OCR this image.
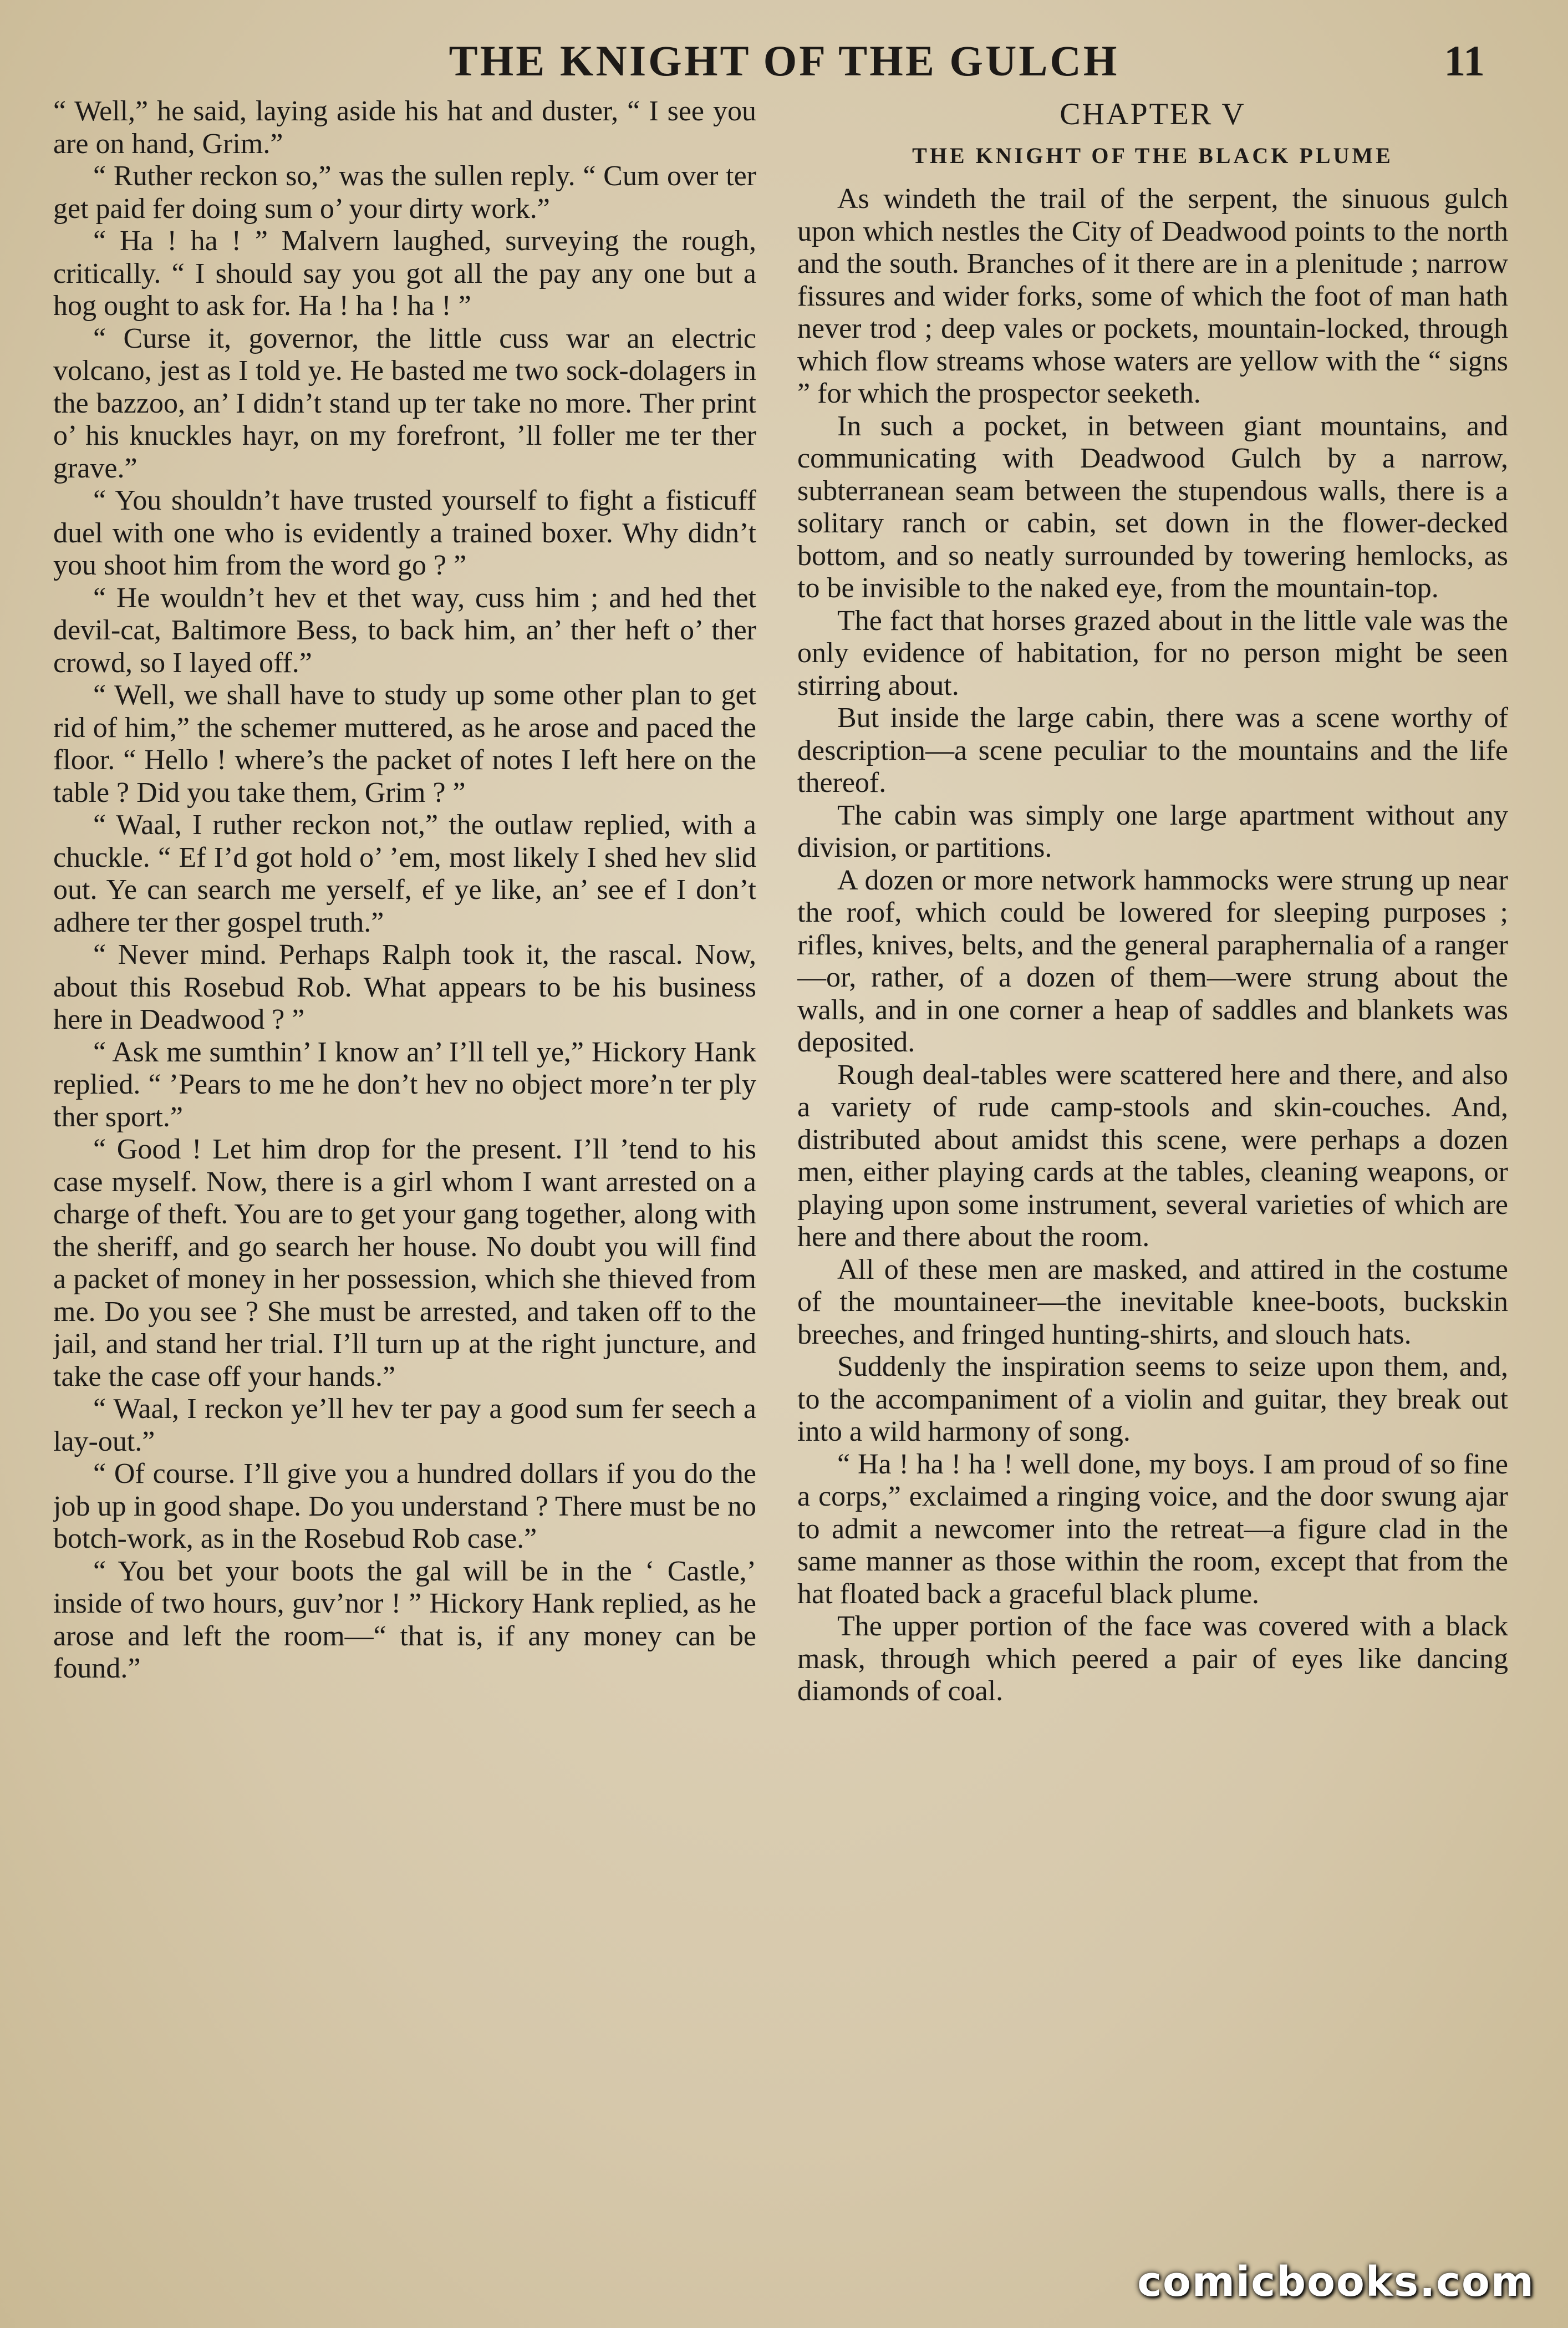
THE KNIGHT OF THE GULCH	11

“ Well,” he said, laying aside his hat and duster, “ I see you are on hand, Grim.”

“ Ruther reckon so,” was the sullen reply. “ Cum over ter get paid fer doing sum o’ your dirty work.”

“ Ha ! ha ! ” Malvern laughed, surveying the rough, critically. “ I should say you got all the pay any one but a hog ought to ask for. Ha ! ha ! ha ! ”

“ Curse it, governor, the little cuss war an electric volcano, jest as I told ye. He basted me two sock-dolagers in the bazzoo, an’ I didn’t stand up ter take no more. Ther print o’ his knuckles hayr, on my forefront, ’ll foller me ter ther grave.”

“ You shouldn’t have trusted yourself to fight a fisticuff duel with one who is evidently a trained boxer. Why didn’t you shoot him from the word go ? ”

“ He wouldn’t hev et thet way, cuss him ; and hed thet devil-cat, Baltimore Bess, to back him, an’ ther heft o’ ther crowd, so I layed off.”

“ Well, we shall have to study up some other plan to get rid of him,” the schemer muttered, as he arose and paced the floor. “ Hello ! where’s the packet of notes I left here on the table ? Did you take them, Grim ? ”

“ Waal, I ruther reckon not,” the outlaw replied, with a chuckle. “ Ef I’d got hold o’ ’em, most likely I shed hev slid out. Ye can search me yerself, ef ye like, an’ see ef I don’t adhere ter ther gospel truth.”

“ Never mind. Perhaps Ralph took it, the rascal. Now, about this Rosebud Rob. What appears to be his business here in Deadwood ? ”

“ Ask me sumthin’ I know an’ I’ll tell ye,” Hickory Hank replied. “ ’Pears to me he don’t hev no object more’n ter ply ther sport.”

“ Good ! Let him drop for the present. I’ll ’tend to his case myself. Now, there is a girl whom I want arrested on a charge of theft. You are to get your gang together, along with the sheriff, and go search her house. No doubt you will find a packet of money in her possession, which she thieved from me. Do you see ? She must be arrested, and taken off to the jail, and stand her trial. I’ll turn up at the right juncture, and take the case off your hands.”

“ Waal, I reckon ye’ll hev ter pay a good sum fer seech a lay-out.”

“ Of course. I’ll give you a hundred dollars if you do the job up in good shape. Do you understand ? There must be no botch-work, as in the Rosebud Rob case.”

“ You bet your boots the gal will be in the ‘ Castle,’ inside of two hours, guv’nor ! ” Hickory Hank replied, as he arose and left the room—“ that is, if any money can be found.”

CHAPTER V
THE KNIGHT OF THE BLACK PLUME

As windeth the trail of the serpent, the sinuous gulch upon which nestles the City of Deadwood points to the north and the south. Branches of it there are in a plenitude ; narrow fissures and wider forks, some of which the foot of man hath never trod ; deep vales or pockets, mountain-locked, through which flow streams whose waters are yellow with the “ signs ” for which the prospector seeketh.

In such a pocket, in between giant mountains, and communicating with Deadwood Gulch by a narrow, subterranean seam between the stupendous walls, there is a solitary ranch or cabin, set down in the flower-decked bottom, and so neatly surrounded by towering hemlocks, as to be invisible to the naked eye, from the mountain-top.

The fact that horses grazed about in the little vale was the only evidence of habitation, for no person might be seen stirring about.

But inside the large cabin, there was a scene worthy of description—a scene peculiar to the mountains and the life thereof.

The cabin was simply one large apartment without any division, or partitions.

A dozen or more network hammocks were strung up near the roof, which could be lowered for sleeping purposes ; rifles, knives, belts, and the general paraphernalia of a ranger—or, rather, of a dozen of them—were strung about the walls, and in one corner a heap of saddles and blankets was deposited.

Rough deal-tables were scattered here and there, and also a variety of rude camp-stools and skin-couches. And, distributed about amidst this scene, were perhaps a dozen men, either playing cards at the tables, cleaning weapons, or playing upon some instrument, several varieties of which are here and there about the room.

All of these men are masked, and attired in the costume of the mountaineer—the inevitable knee-boots, buckskin breeches, and fringed hunting-shirts, and slouch hats.

Suddenly the inspiration seems to seize upon them, and, to the accompaniment of a violin and guitar, they break out into a wild harmony of song.

“ Ha ! ha ! ha ! well done, my boys. I am proud of so fine a corps,” exclaimed a ringing voice, and the door swung ajar to admit a newcomer into the retreat—a figure clad in the same manner as those within the room, except that from the hat floated back a graceful black plume.

The upper portion of the face was covered with a black mask, through which peered a pair of eyes like dancing diamonds of coal.

comicbooks.com
